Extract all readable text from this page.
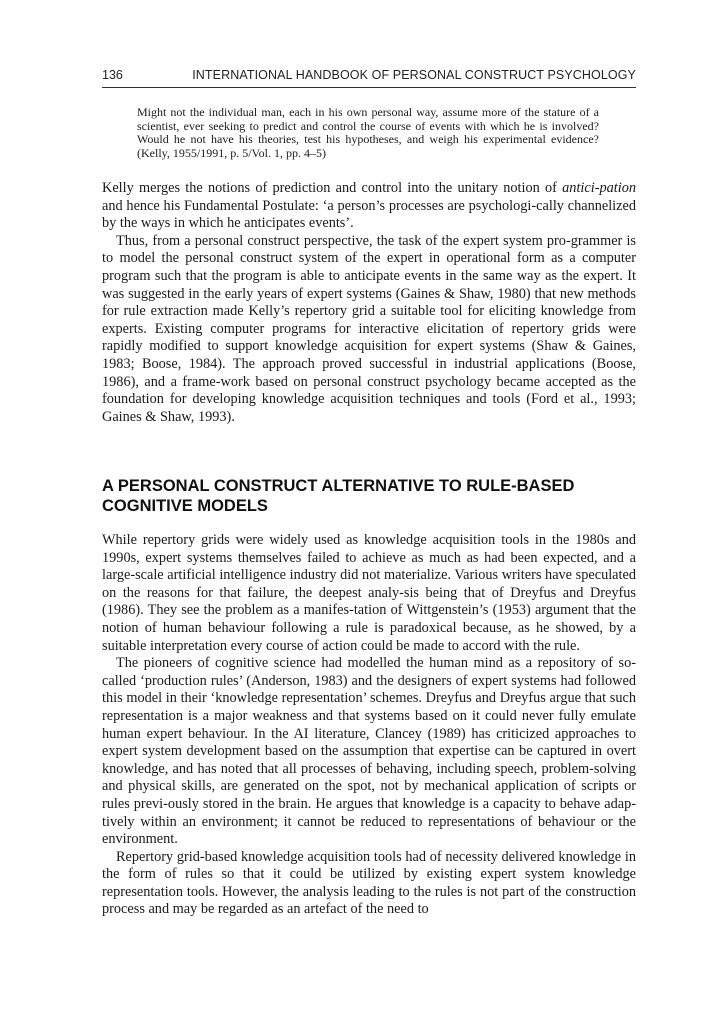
136	INTERNATIONAL HANDBOOK OF PERSONAL CONSTRUCT PSYCHOLOGY
Might not the individual man, each in his own personal way, assume more of the stature of a scientist, ever seeking to predict and control the course of events with which he is involved? Would he not have his theories, test his hypotheses, and weigh his experimental evidence? (Kelly, 1955/1991, p. 5/Vol. 1, pp. 4–5)

Kelly merges the notions of prediction and control into the unitary notion of antici-pation and hence his Fundamental Postulate: ‘a person’s processes are psychologi-cally channelized by the ways in which he anticipates events’.

Thus, from a personal construct perspective, the task of the expert system pro-grammer is to model the personal construct system of the expert in operational form as a computer program such that the program is able to anticipate events in the same way as the expert. It was suggested in the early years of expert systems (Gaines & Shaw, 1980) that new methods for rule extraction made Kelly’s repertory grid a suitable tool for eliciting knowledge from experts. Existing computer programs for interactive elicitation of repertory grids were rapidly modified to support knowledge acquisition for expert systems (Shaw & Gaines, 1983; Boose, 1984). The approach proved successful in industrial applications (Boose, 1986), and a frame-work based on personal construct psychology became accepted as the foundation for developing knowledge acquisition techniques and tools (Ford et al., 1993; Gaines & Shaw, 1993).

A PERSONAL CONSTRUCT ALTERNATIVE TO RULE-BASED
COGNITIVE MODELS

While repertory grids were widely used as knowledge acquisition tools in the 1980s and 1990s, expert systems themselves failed to achieve as much as had been expected, and a large-scale artificial intelligence industry did not materialize. Various writers have speculated on the reasons for that failure, the deepest analy-sis being that of Dreyfus and Dreyfus (1986). They see the problem as a manifes-tation of Wittgenstein’s (1953) argument that the notion of human behaviour following a rule is paradoxical because, as he showed, by a suitable interpretation every course of action could be made to accord with the rule.

The pioneers of cognitive science had modelled the human mind as a repository of so-called ‘production rules’ (Anderson, 1983) and the designers of expert systems had followed this model in their ‘knowledge representation’ schemes. Dreyfus and Dreyfus argue that such representation is a major weakness and that systems based on it could never fully emulate human expert behaviour. In the AI literature, Clancey (1989) has criticized approaches to expert system development based on the assumption that expertise can be captured in overt knowledge, and has noted that all processes of behaving, including speech, problem-solving and physical skills, are generated on the spot, not by mechanical application of scripts or rules previ-ously stored in the brain. He argues that knowledge is a capacity to behave adap-tively within an environment; it cannot be reduced to representations of behaviour or the environment.

Repertory grid-based knowledge acquisition tools had of necessity delivered knowledge in the form of rules so that it could be utilized by existing expert system knowledge representation tools. However, the analysis leading to the rules is not part of the construction process and may be regarded as an artefact of the need to
